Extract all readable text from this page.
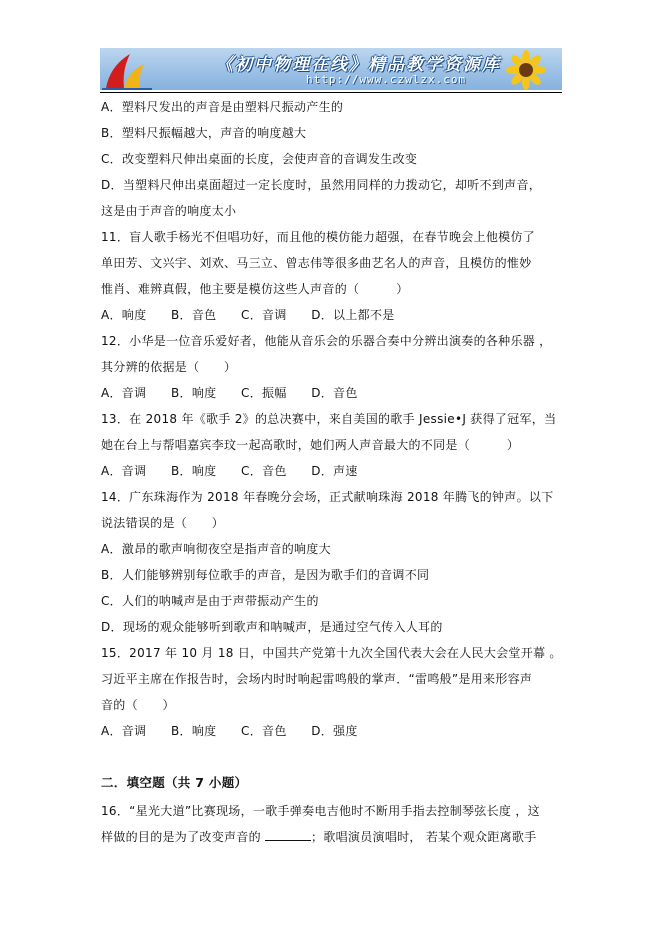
《初中物理在线》精品教学资源库
http://www.czwlzx.com
A．塑料尺发出的声音是由塑料尺振动产生的
B．塑料尺振幅越大，声音的响度越大
C．改变塑料尺伸出桌面的长度，会使声音的音调发生改变
D．当塑料尺伸出桌面超过一定长度时，虽然用同样的力拨动它，却听不到声音，
这是由于声音的响度太小
11．盲人歌手杨光不但唱功好，而且他的模仿能力超强，在春节晚会上他模仿了
单田芳、文兴宇、刘欢、马三立、曾志伟等很多曲艺名人的声音，且模仿的惟妙
惟肖、难辨真假，他主要是模仿这些人声音的（　　　）
A．响度　　B．音色　　C．音调　　D．以上都不是
12．小华是一位音乐爱好者，他能从音乐会的乐器合奏中分辨出演奏的各种乐器 ，
其分辨的依据是（　　）
A．音调　　B．响度　　C．振幅　　D．音色
13．在 2018 年《歌手 2》的总决赛中，来自美国的歌手 Jessie•J 获得了冠军，当
她在台上与帮唱嘉宾李玟一起高歌时，她们两人声音最大的不同是（　　　）
A．音调　　B．响度　　C．音色　　D．声速
14．广东珠海作为 2018 年春晚分会场，正式献响珠海 2018 年腾飞的钟声。以下
说法错误的是（　　）
A．激昂的歌声响彻夜空是指声音的响度大
B．人们能够辨别每位歌手的声音，是因为歌手们的音调不同
C．人们的呐喊声是由于声带振动产生的
D．现场的观众能够听到歌声和呐喊声，是通过空气传入人耳的
15．2017 年 10 月 18 日，中国共产党第十九次全国代表大会在人民大会堂开幕 。
习近平主席在作报告时，会场内时时响起雷鸣般的掌声．“雷鸣般”是用来形容声
音的（　　）
A．音调　　B．响度　　C．音色　　D．强度
二．填空题（共 7 小题）
16．“星光大道”比赛现场，一歌手弹奏电吉他时不断用手指去控制琴弦长度 ，这
样做的目的是为了改变声音的	；歌唱演员演唱时， 若某个观众距离歌手
